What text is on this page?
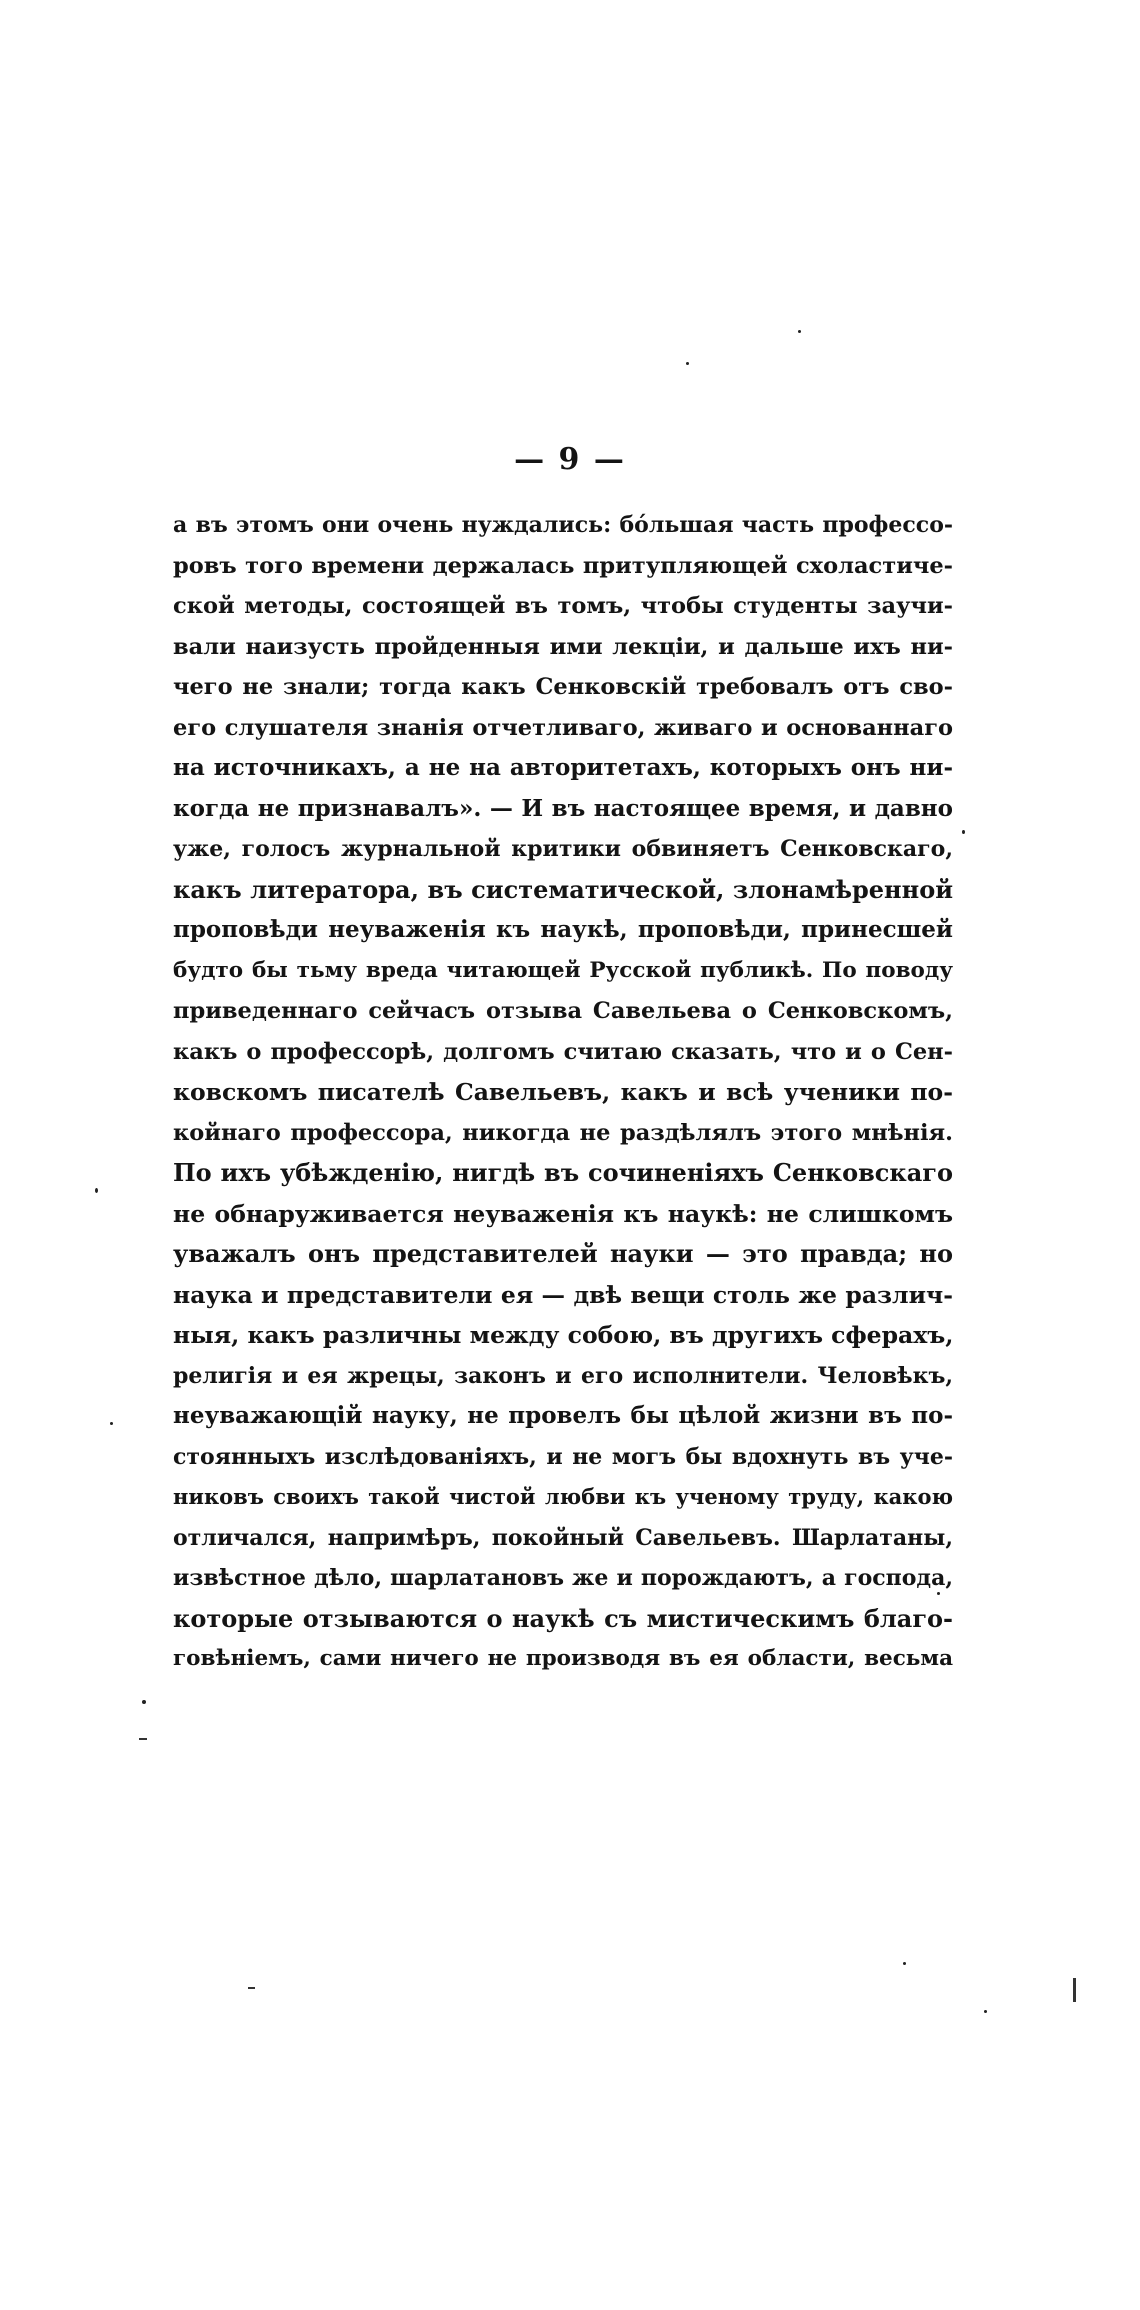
— 9 —
а въ этомъ они очень нуждались: бо́льшая часть профессо-
ровъ того времени держалась притупляющей схоластиче-
ской методы, состоящей въ томъ, чтобы студенты заучи-
вали наизусть пройденныя ими лекціи, и дальше ихъ ни-
чего не знали; тогда какъ Сенковскій требовалъ отъ сво-
его слушателя знанія отчетливаго, живаго и основаннаго
на источникахъ, а не на авторитетахъ, которыхъ онъ ни-
когда не признавалъ». — И въ настоящее время, и давно
уже, голосъ журнальной критики обвиняетъ Сенковскаго,
какъ литератора, въ систематической, злонамѣренной
проповѣди неуваженія къ наукѣ, проповѣди, принесшей
будто бы тьму вреда читающей Русской публикѣ. По поводу
приведеннаго сейчасъ отзыва Савельева о Сенковскомъ,
какъ о профессорѣ, долгомъ считаю сказать, что и о Сен-
ковскомъ писателѣ Савельевъ, какъ и всѣ ученики по-
койнаго профессора, никогда не раздѣлялъ этого мнѣнія.
По ихъ убѣжденію, нигдѣ въ сочиненіяхъ Сенковскаго
не обнаруживается неуваженія къ наукѣ: не слишкомъ
уважалъ онъ представителей науки — это правда; но
наука и представители ея — двѣ вещи столь же различ-
ныя, какъ различны между собою, въ другихъ сферахъ,
религія и ея жрецы, законъ и его исполнители. Человѣкъ,
неуважающій науку, не провелъ бы цѣлой жизни въ по-
стоянныхъ изслѣдованіяхъ, и не могъ бы вдохнуть въ уче-
никовъ своихъ такой чистой любви къ ученому труду, какою
отличался, напримѣръ, покойный Савельевъ. Шарлатаны,
извѣстное дѣло, шарлатановъ же и порождаютъ, а господа,
которые отзываются о наукѣ съ мистическимъ благо-
говѣніемъ, сами ничего не производя въ ея области, весьма
